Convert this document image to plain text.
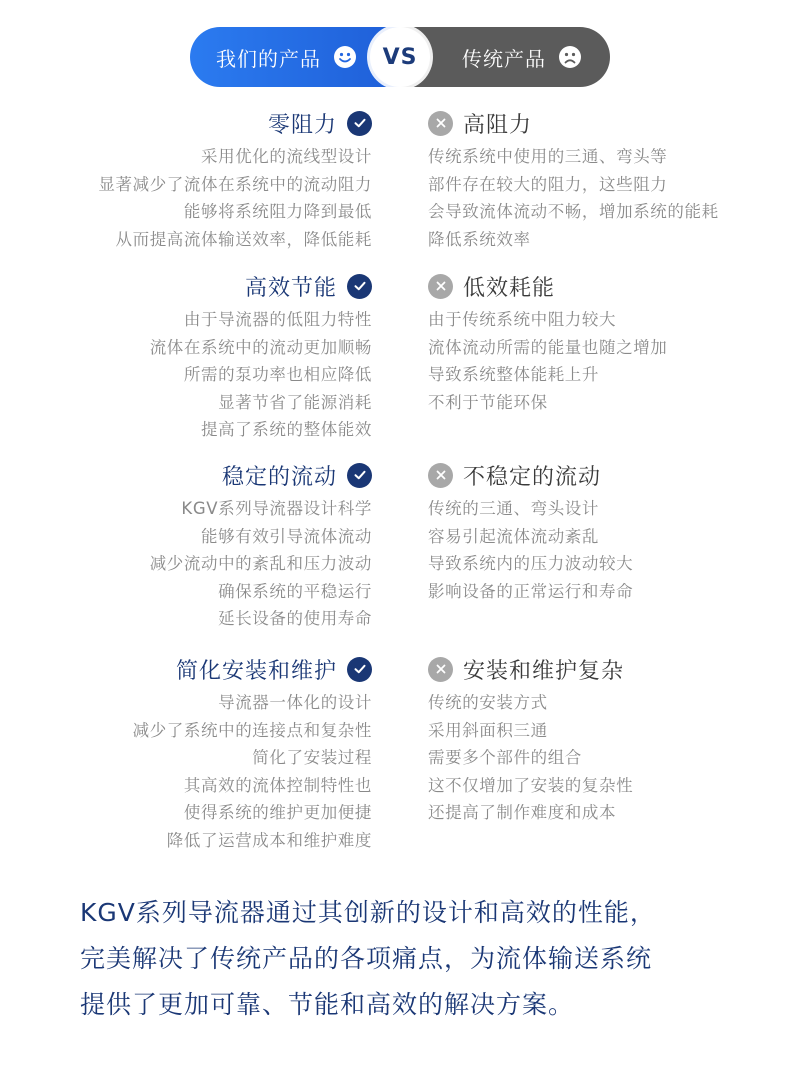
我们的产品	传统产品
VS
零阻力
采用优化的流线型设计
显著减少了流体在系统中的流动阻力
能够将系统阻力降到最低
从而提高流体输送效率，降低能耗
高效节能
由于导流器的低阻力特性
流体在系统中的流动更加顺畅
所需的泵功率也相应降低
显著节省了能源消耗
提高了系统的整体能效
稳定的流动
KGV系列导流器设计科学
能够有效引导流体流动
减少流动中的紊乱和压力波动
确保系统的平稳运行
延长设备的使用寿命
简化安装和维护
导流器一体化的设计
减少了系统中的连接点和复杂性
简化了安装过程
其高效的流体控制特性也
使得系统的维护更加便捷
降低了运营成本和维护难度
高阻力
传统系统中使用的三通、弯头等
部件存在较大的阻力，这些阻力
会导致流体流动不畅，增加系统的能耗
降低系统效率
低效耗能
由于传统系统中阻力较大
流体流动所需的能量也随之增加
导致系统整体能耗上升
不利于节能环保
不稳定的流动
传统的三通、弯头设计
容易引起流体流动紊乱
导致系统内的压力波动较大
影响设备的正常运行和寿命
安装和维护复杂
传统的安装方式
采用斜面积三通
需要多个部件的组合
这不仅增加了安装的复杂性
还提高了制作难度和成本
KGV系列导流器通过其创新的设计和高效的性能，
完美解决了传统产品的各项痛点，为流体输送系统
提供了更加可靠、节能和高效的解决方案。
